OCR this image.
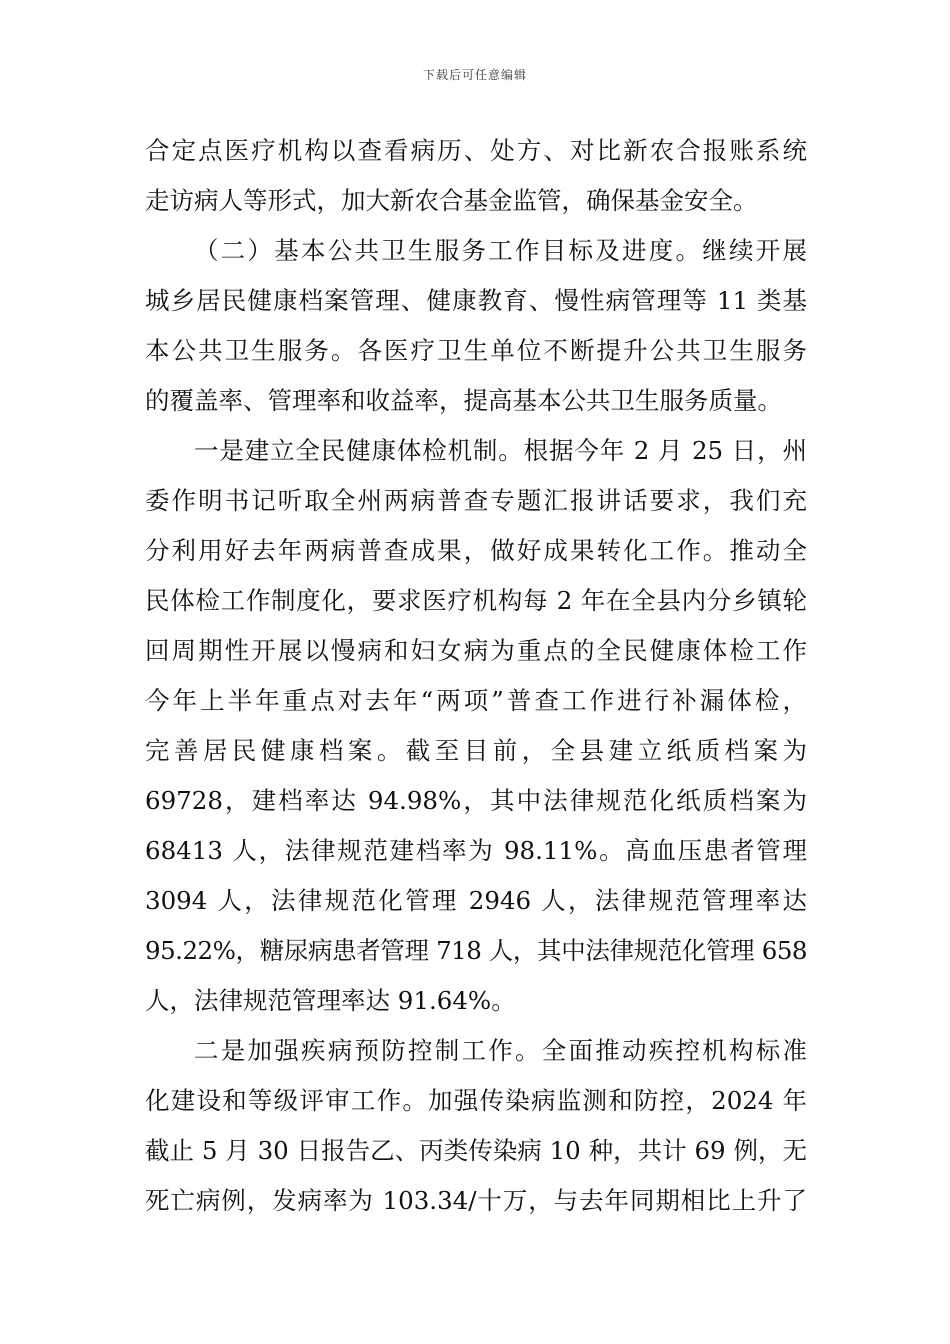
下载后可任意编辑
合定点医疗机构以查看病历、处方、对比新农合报账系统
走访病人等形式，加大新农合基金监管，确保基金安全。
（二）基本公共卫生服务工作目标及进度。继续开展
城乡居民健康档案管理、健康教育、慢性病管理等 11 类基
本公共卫生服务。各医疗卫生单位不断提升公共卫生服务
的覆盖率、管理率和收益率，提高基本公共卫生服务质量。
一是建立全民健康体检机制。根据今年 2 月 25 日，州
委作明书记听取全州两病普查专题汇报讲话要求，我们充
分利用好去年两病普查成果，做好成果转化工作。推动全
民体检工作制度化，要求医疗机构每 2 年在全县内分乡镇轮
回周期性开展以慢病和妇女病为重点的全民健康体检工作
今年上半年重点对去年“两项”普查工作进行补漏体检，
完善居民健康档案。截至目前，全县建立纸质档案为
69728，建档率达 94.98%，其中法律规范化纸质档案为
68413 人，法律规范建档率为 98.11%。高血压患者管理
3094 人，法律规范化管理 2946 人，法律规范管理率达
95.22%，糖尿病患者管理 718 人，其中法律规范化管理 658
人，法律规范管理率达 91.64%。
二是加强疾病预防控制工作。全面推动疾控机构标准
化建设和等级评审工作。加强传染病监测和防控，2024 年
截止 5 月 30 日报告乙、丙类传染病 10 种，共计 69 例，无
死亡病例，发病率为 103.34/十万，与去年同期相比上升了
